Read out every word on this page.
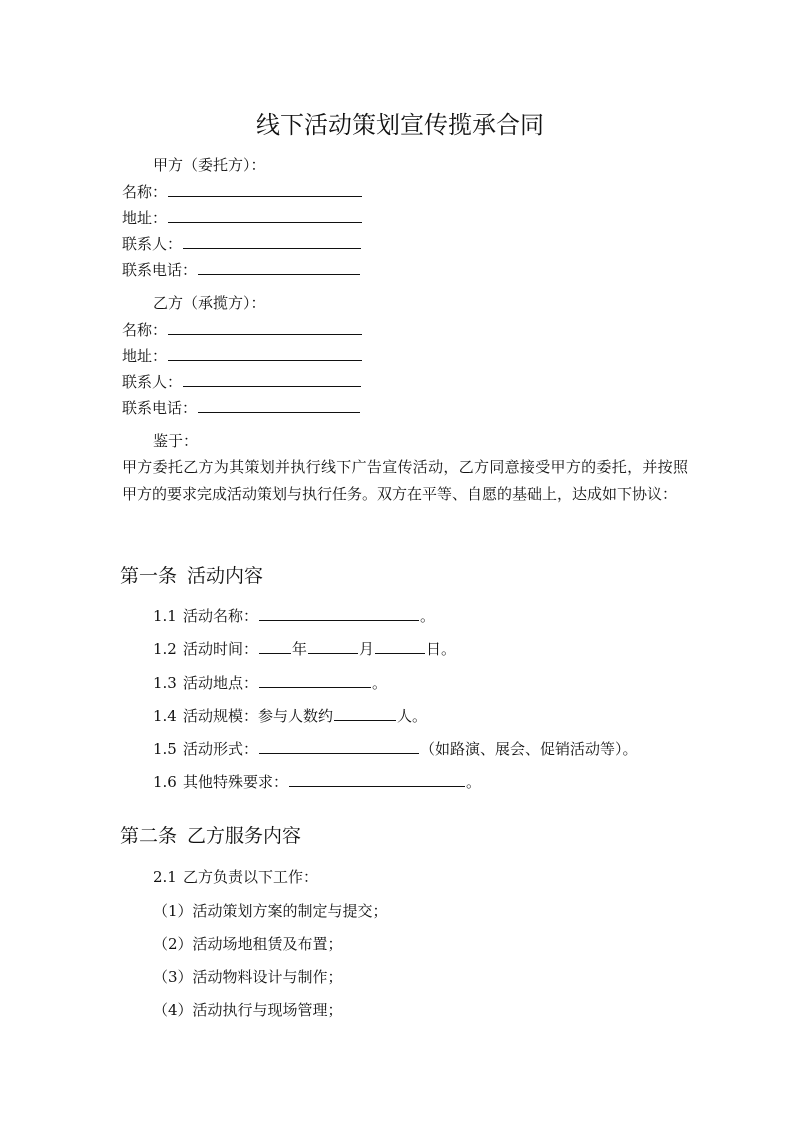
线下活动策划宣传揽承合同

甲方（委托方）：

名称：

地址：

联系人：

联系电话：

乙方（承揽方）：

名称：

地址：

联系人：

联系电话：

鉴于：

甲方委托乙方为其策划并执行线下广告宣传活动，乙方同意接受甲方的委托，并按照甲方的要求完成活动策划与执行任务。双方在平等、自愿的基础上，达成如下协议：

第一条 活动内容

1.1 活动名称：	。

1.2 活动时间： 年	月	日。

1.3 活动地点：	。

1.4 活动规模：参与人数约	人。

1.5 活动形式：	（如路演、展会、促销活动等）。

1.6 其他特殊要求：	。

第二条 乙方服务内容

2.1 乙方负责以下工作：

（1）活动策划方案的制定与提交；

（2）活动场地租赁及布置；

（3）活动物料设计与制作；

（4）活动执行与现场管理；
